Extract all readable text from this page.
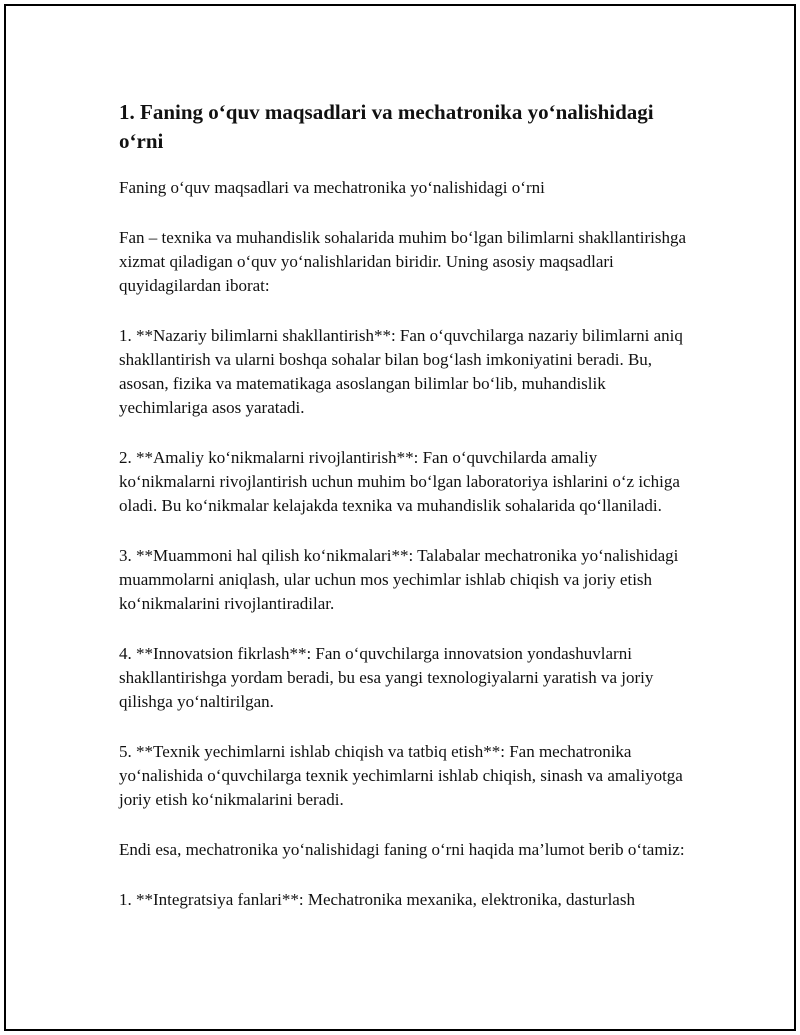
1. Faning o‘quv maqsadlari va mechatronika yo‘nalishidagi o‘rni
Faning o‘quv maqsadlari va mechatronika yo‘nalishidagi o‘rni

Fan – texnika va muhandislik sohalarida muhim bo‘lgan bilimlarni shakllantirishga xizmat qiladigan o‘quv yo‘nalishlaridan biridir. Uning asosiy maqsadlari quyidagilardan iborat:

1. **Nazariy bilimlarni shakllantirish**: Fan o‘quvchilarga nazariy bilimlarni aniq shakllantirish va ularni boshqa sohalar bilan bog‘lash imkoniyatini beradi. Bu, asosan, fizika va matematikaga asoslangan bilimlar bo‘lib, muhandislik yechimlariga asos yaratadi.

2. **Amaliy ko‘nikmalarni rivojlantirish**: Fan o‘quvchilarda amaliy ko‘nikmalarni rivojlantirish uchun muhim bo‘lgan laboratoriya ishlarini o‘z ichiga oladi. Bu ko‘nikmalar kelajakda texnika va muhandislik sohalarida qo‘llaniladi.

3. **Muammoni hal qilish ko‘nikmalari**: Talabalar mechatronika yo‘nalishidagi muammolarni aniqlash, ular uchun mos yechimlar ishlab chiqish va joriy etish ko‘nikmalarini rivojlantiradilar.

4. **Innovatsion fikrlash**: Fan o‘quvchilarga innovatsion yondashuvlarni shakllantirishga yordam beradi, bu esa yangi texnologiyalarni yaratish va joriy qilishga yo‘naltirilgan.

5. **Texnik yechimlarni ishlab chiqish va tatbiq etish**: Fan mechatronika yo‘nalishida o‘quvchilarga texnik yechimlarni ishlab chiqish, sinash va amaliyotga joriy etish ko‘nikmalarini beradi.

Endi esa, mechatronika yo‘nalishidagi faning o‘rni haqida ma’lumot berib o‘tamiz:

1. **Integratsiya fanlari**: Mechatronika mexanika, elektronika, dasturlash
